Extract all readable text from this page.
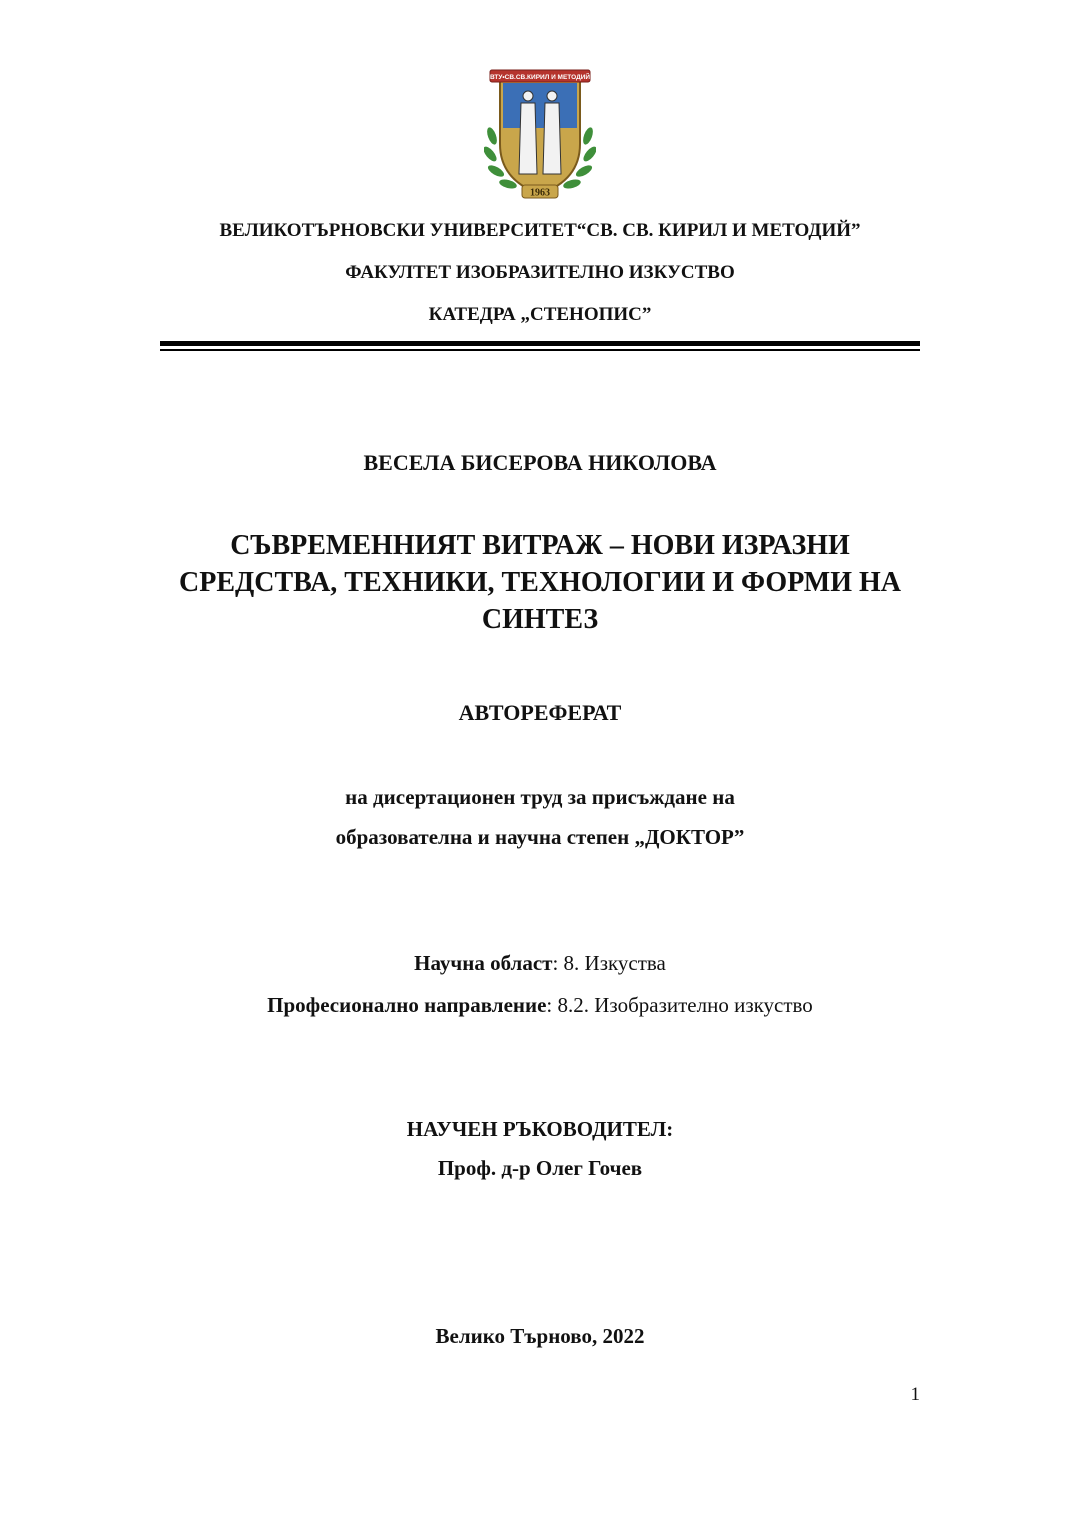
ВТУ•СВ.СВ.КИРИЛ И МЕТОДИЙ
1963
ВЕЛИКОТЪРНОВСКИ УНИВЕРСИТЕТ“СВ. СВ. КИРИЛ И МЕТОДИЙ”
ФАКУЛТЕТ ИЗОБРАЗИТЕЛНО ИЗКУСТВО
КАТЕДРА „СТЕНОПИС”
ВЕСЕЛА БИСЕРОВА НИКОЛОВА
СЪВРЕМЕННИЯТ ВИТРАЖ – НОВИ ИЗРАЗНИ
СРЕДСТВА, ТЕХНИКИ, ТЕХНОЛОГИИ И ФОРМИ НА
СИНТЕЗ
АВТОРЕФЕРАТ
на дисертационен труд за присъждане на
образователна и научна степен „ДОКТОР”
Научна област: 8. Изкуства
Професионално направление: 8.2. Изобразително изкуство
НАУЧЕН РЪКОВОДИТЕЛ:
Проф. д-р Олег Гочев
Велико Търново, 2022
1
